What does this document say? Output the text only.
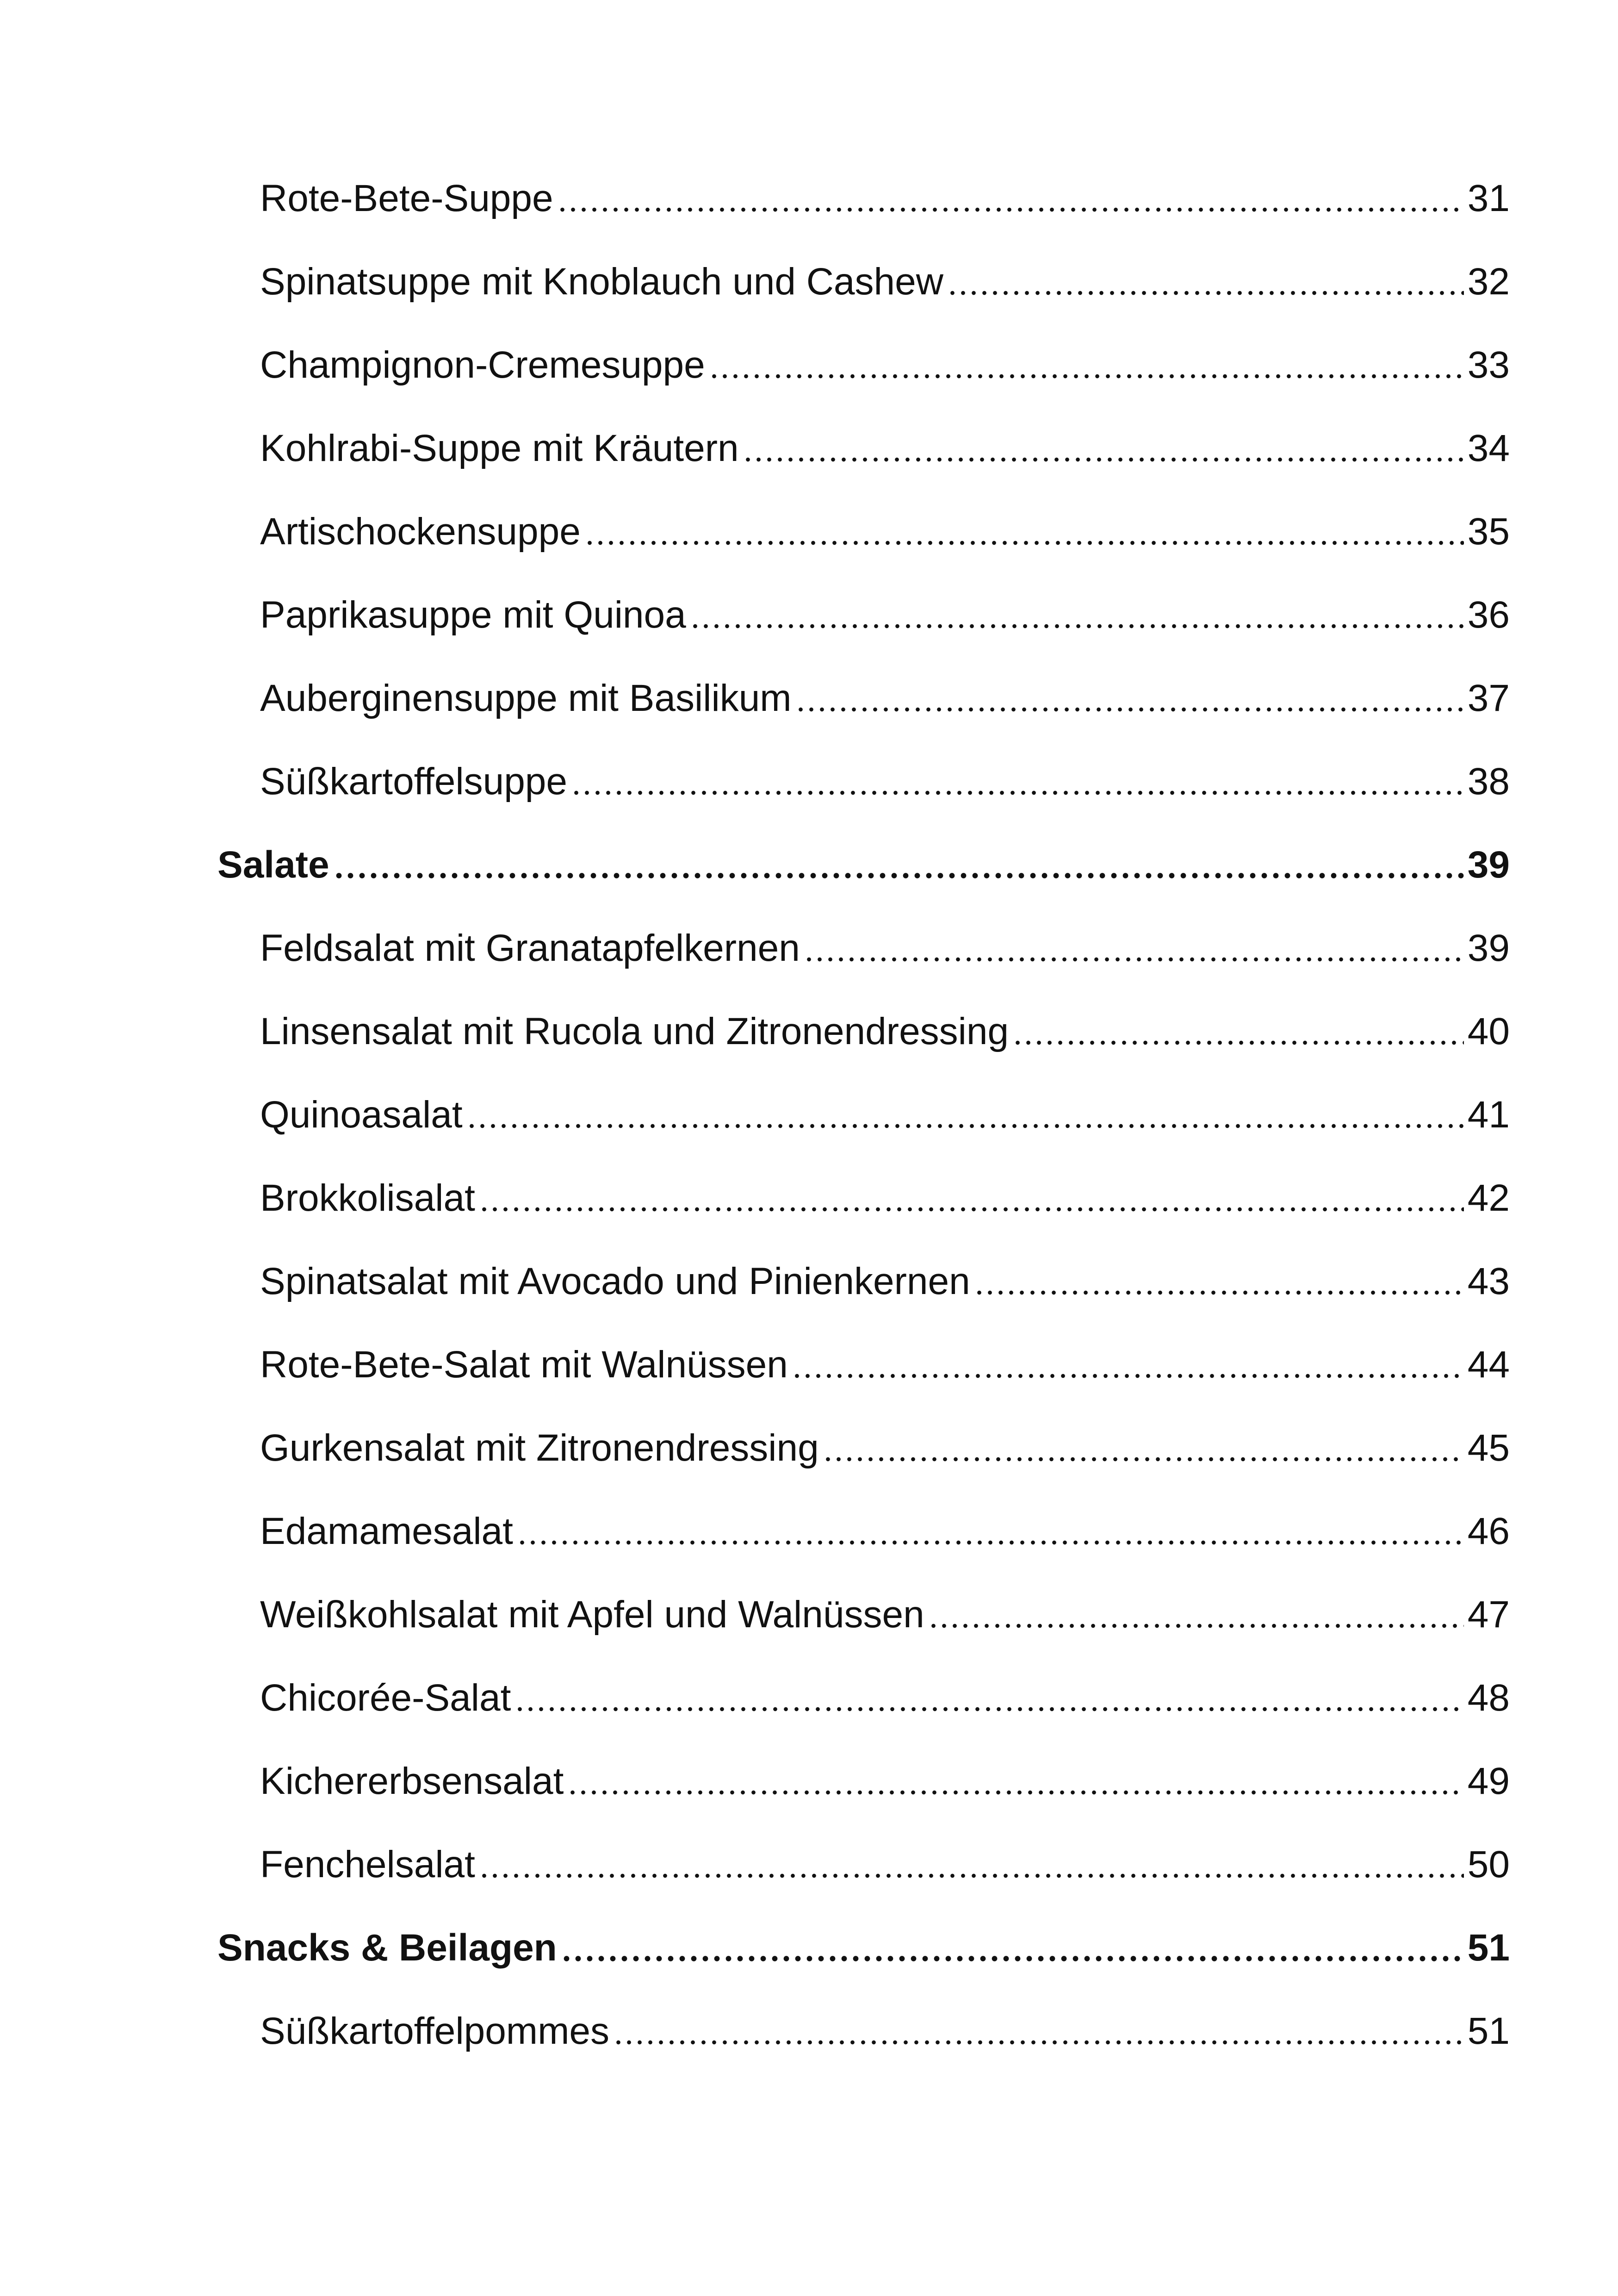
Rote-Bete-Suppe	31
Spinatsuppe mit Knoblauch und Cashew	32
Champignon-Cremesuppe	33
Kohlrabi-Suppe mit Kräutern	34
Artischockensuppe	35
Paprikasuppe mit Quinoa	36
Auberginensuppe mit Basilikum	37
Süßkartoffelsuppe	38
Salate	39
Feldsalat mit Granatapfelkernen	39
Linsensalat mit Rucola und Zitronendressing	40
Quinoasalat	41
Brokkolisalat	42
Spinatsalat mit Avocado und Pinienkernen	43
Rote-Bete-Salat mit Walnüssen	44
Gurkensalat mit Zitronendressing	45
Edamamesalat	46
Weißkohlsalat mit Apfel und Walnüssen	47
Chicorée-Salat	48
Kichererbsensalat	49
Fenchelsalat	50
Snacks & Beilagen	51
Süßkartoffelpommes	51
